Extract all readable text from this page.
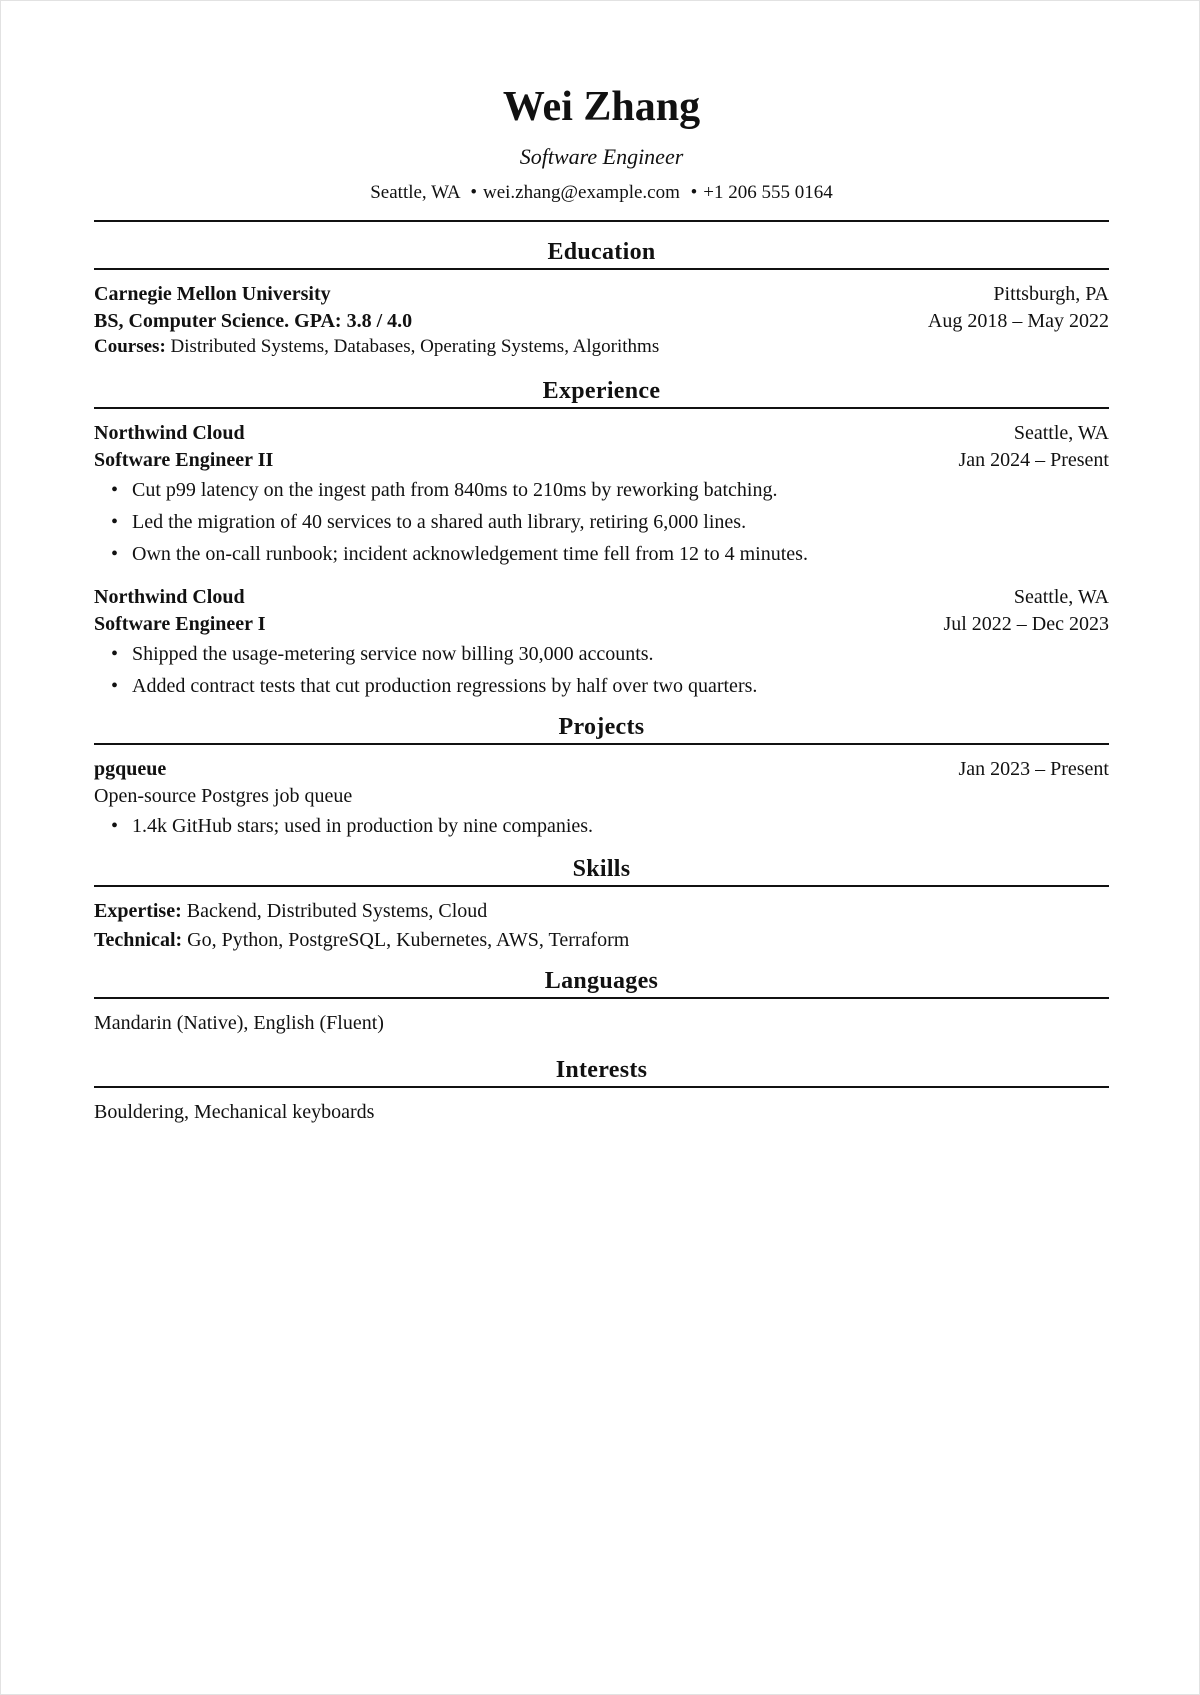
Wei Zhang
Software Engineer
Seattle, WA • wei.zhang@example.com • +1 206 555 0164
Education
Carnegie Mellon University	Pittsburgh, PA
BS, Computer Science. GPA: 3.8 / 4.0	Aug 2018 – May 2022
Courses: Distributed Systems, Databases, Operating Systems, Algorithms
Experience
Northwind Cloud	Seattle, WA
Software Engineer II	Jan 2024 – Present
• Cut p99 latency on the ingest path from 840ms to 210ms by reworking batching.
• Led the migration of 40 services to a shared auth library, retiring 6,000 lines.
• Own the on-call runbook; incident acknowledgement time fell from 12 to 4 minutes.
Northwind Cloud	Seattle, WA
Software Engineer I	Jul 2022 – Dec 2023
• Shipped the usage-metering service now billing 30,000 accounts.
• Added contract tests that cut production regressions by half over two quarters.
Projects
pgqueue	Jan 2023 – Present
Open-source Postgres job queue
• 1.4k GitHub stars; used in production by nine companies.
Skills
Expertise: Backend, Distributed Systems, Cloud
Technical: Go, Python, PostgreSQL, Kubernetes, AWS, Terraform
Languages
Mandarin (Native), English (Fluent)
Interests
Bouldering, Mechanical keyboards
